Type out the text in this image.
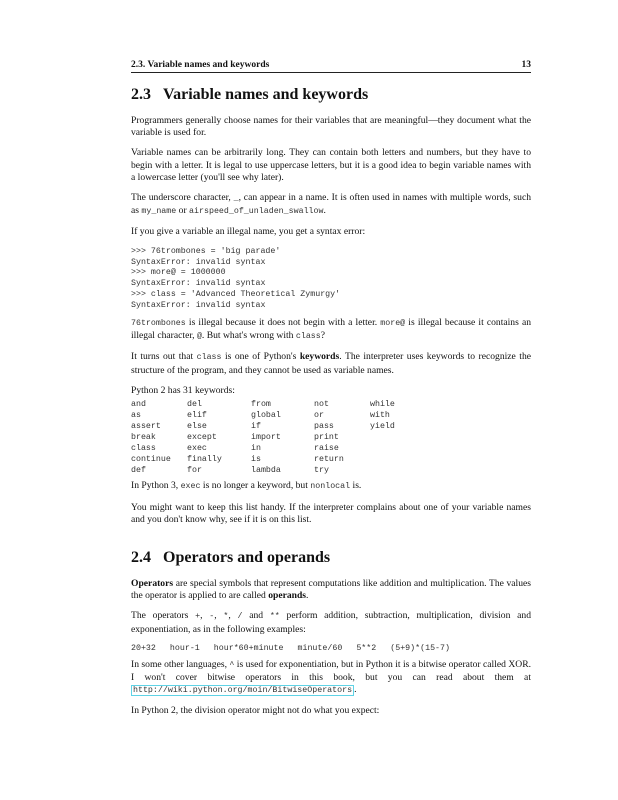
2.3. Variable names and keywords	13
2.3 Variable names and keywords

Programmers generally choose names for their variables that are meaningful—they document what the variable is used for.

Variable names can be arbitrarily long. They can contain both letters and numbers, but they have to begin with a letter. It is legal to use uppercase letters, but it is a good idea to begin variable names with a lowercase letter (you'll see why later).

The underscore character, _, can appear in a name. It is often used in names with multiple words, such as my_name or airspeed_of_unladen_swallow.

If you give a variable an illegal name, you get a syntax error:

>>> 76trombones = 'big parade'
SyntaxError: invalid syntax
>>> more@ = 1000000
SyntaxError: invalid syntax
>>> class = 'Advanced Theoretical Zymurgy'
SyntaxError: invalid syntax

76trombones is illegal because it does not begin with a letter. more@ is illegal because it contains an illegal character, @. But what's wrong with class?

It turns out that class is one of Python's keywords. The interpreter uses keywords to recognize the structure of the program, and they cannot be used as variable names.

Python 2 has 31 keywords:

and	del	from	not	while
as	elif	global	or	with
assert	else	if	pass	yield
break	except	import	print	
class	exec	in	raise	
continue	finally	is	return	
def	for	lambda	try	

In Python 3, exec is no longer a keyword, but nonlocal is.

You might want to keep this list handy. If the interpreter complains about one of your variable names and you don't know why, see if it is on this list.

2.4 Operators and operands

Operators are special symbols that represent computations like addition and multiplication. The values the operator is applied to are called operands.

The operators +, -, *, / and ** perform addition, subtraction, multiplication, division and exponentiation, as in the following examples:

20+32 hour-1 hour*60+minute minute/60 5**2 (5+9)*(15-7)

In some other languages, ^ is used for exponentiation, but in Python it is a bitwise operator called XOR. I won't cover bitwise operators in this book, but you can read about them at http://wiki.python.org/moin/BitwiseOperators .

In Python 2, the division operator might not do what you expect:
